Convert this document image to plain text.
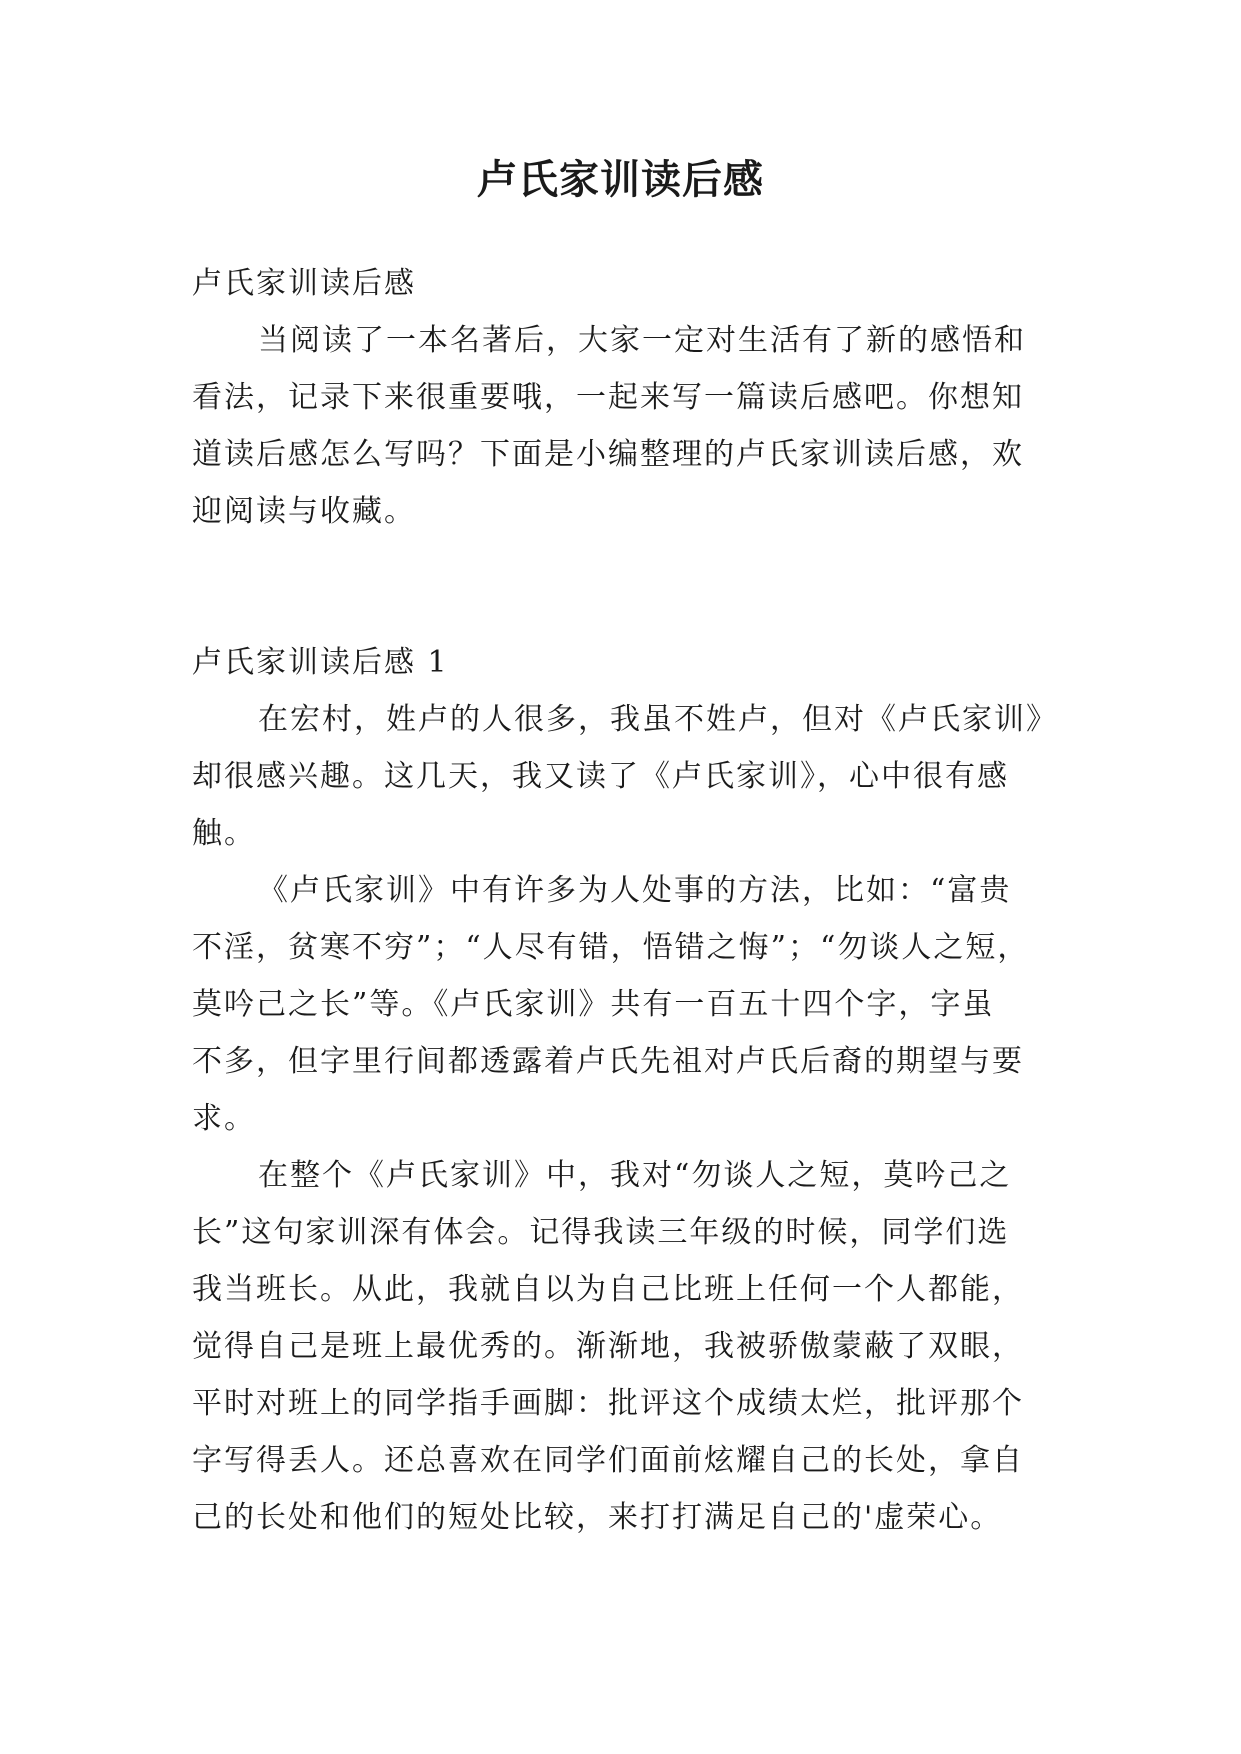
卢氏家训读后感
卢氏家训读后感
当阅读了一本名著后，大家一定对生活有了新的感悟和
看法，记录下来很重要哦，一起来写一篇读后感吧。你想知
道读后感怎么写吗？下面是小编整理的卢氏家训读后感，欢
迎阅读与收藏。
卢氏家训读后感 1
在宏村，姓卢的人很多，我虽不姓卢，但对《卢氏家训》
却很感兴趣。这几天，我又读了《卢氏家训》，心中很有感
触。
《卢氏家训》中有许多为人处事的方法，比如：“富贵
不淫，贫寒不穷”；“人尽有错，悟错之悔”；“勿谈人之短，
莫吟己之长”等。《卢氏家训》共有一百五十四个字，字虽
不多，但字里行间都透露着卢氏先祖对卢氏后裔的期望与要
求。
在整个《卢氏家训》中，我对“勿谈人之短，莫吟己之
长”这句家训深有体会。记得我读三年级的时候，同学们选
我当班长。从此，我就自以为自己比班上任何一个人都能，
觉得自己是班上最优秀的。渐渐地，我被骄傲蒙蔽了双眼，
平时对班上的同学指手画脚：批评这个成绩太烂，批评那个
字写得丢人。还总喜欢在同学们面前炫耀自己的长处，拿自
己的长处和他们的短处比较，来打打满足自己的'虚荣心。
